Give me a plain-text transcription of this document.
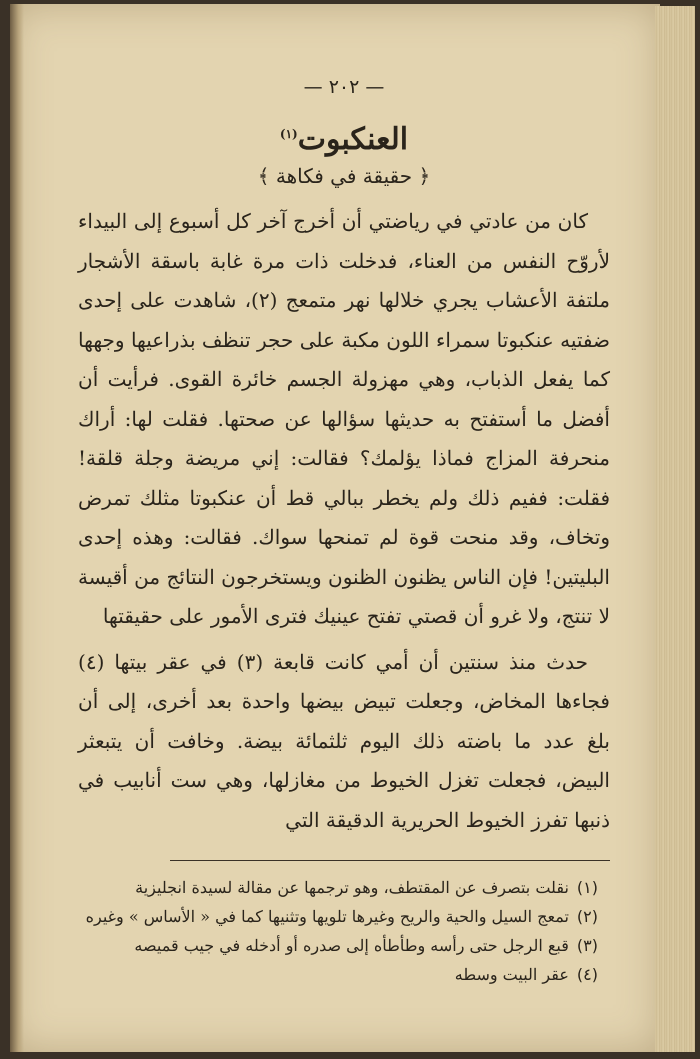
— ٢٠٢ —
العنكبوت$^{(١)}$
﴿ حقيقة في فكاهة ﴾

كان من عادتي في رياضتي أن أخرج آخر كل أسبوع إلى البيداء لأروّح النفس من العناء، فدخلت ذات مرة غابة باسقة الأشجار ملتفة الأعشاب يجري خلالها نهر متمعج (٢)، شاهدت على إحدى ضفتيه عنكبوتا سمراء اللون مكبة على حجر تنظف بذراعيها وجهها كما يفعل الذباب، وهي مهزولة الجسم خائرة القوى. فرأيت أن أفضل ما أستفتح به حديثها سؤالها عن صحتها. فقلت لها: أراك منحرفة المزاج فماذا يؤلمك؟ فقالت: إني مريضة وجلة قلقة! فقلت: ففيم ذلك ولم يخطر ببالي قط أن عنكبوتا مثلك تمرض وتخاف، وقد منحت قوة لم تمنحها سواك. فقالت: وهذه إحدى البليتين! فإن الناس يظنون الظنون ويستخرجون النتائج من أقيسة لا تنتج، ولا غرو أن قصتي تفتح عينيك فترى الأمور على حقيقتها

حدث منذ سنتين أن أمي كانت قابعة (٣) في عقر بيتها (٤) فجاءها المخاض، وجعلت تبيض بيضها واحدة بعد أخرى، إلى أن بلغ عدد ما باضته ذلك اليوم ثلثمائة بيضة. وخافت أن يتبعثر البيض، فجعلت تغزل الخيوط من مغازلها، وهي ست أنابيب في ذنبها تفرز الخيوط الحريرية الدقيقة التي

(١)نقلت بتصرف عن المقتطف، وهو ترجمها عن مقالة لسيدة انجليزية
(٢)تمعج السيل والحية والريح وغيرها تلويها وتثنيها كما في « الأساس » وغيره
(٣)قبع الرجل حتى رأسه وطأطأه إلى صدره أو أدخله في جيب قميصه
(٤)عقر البيت وسطه
